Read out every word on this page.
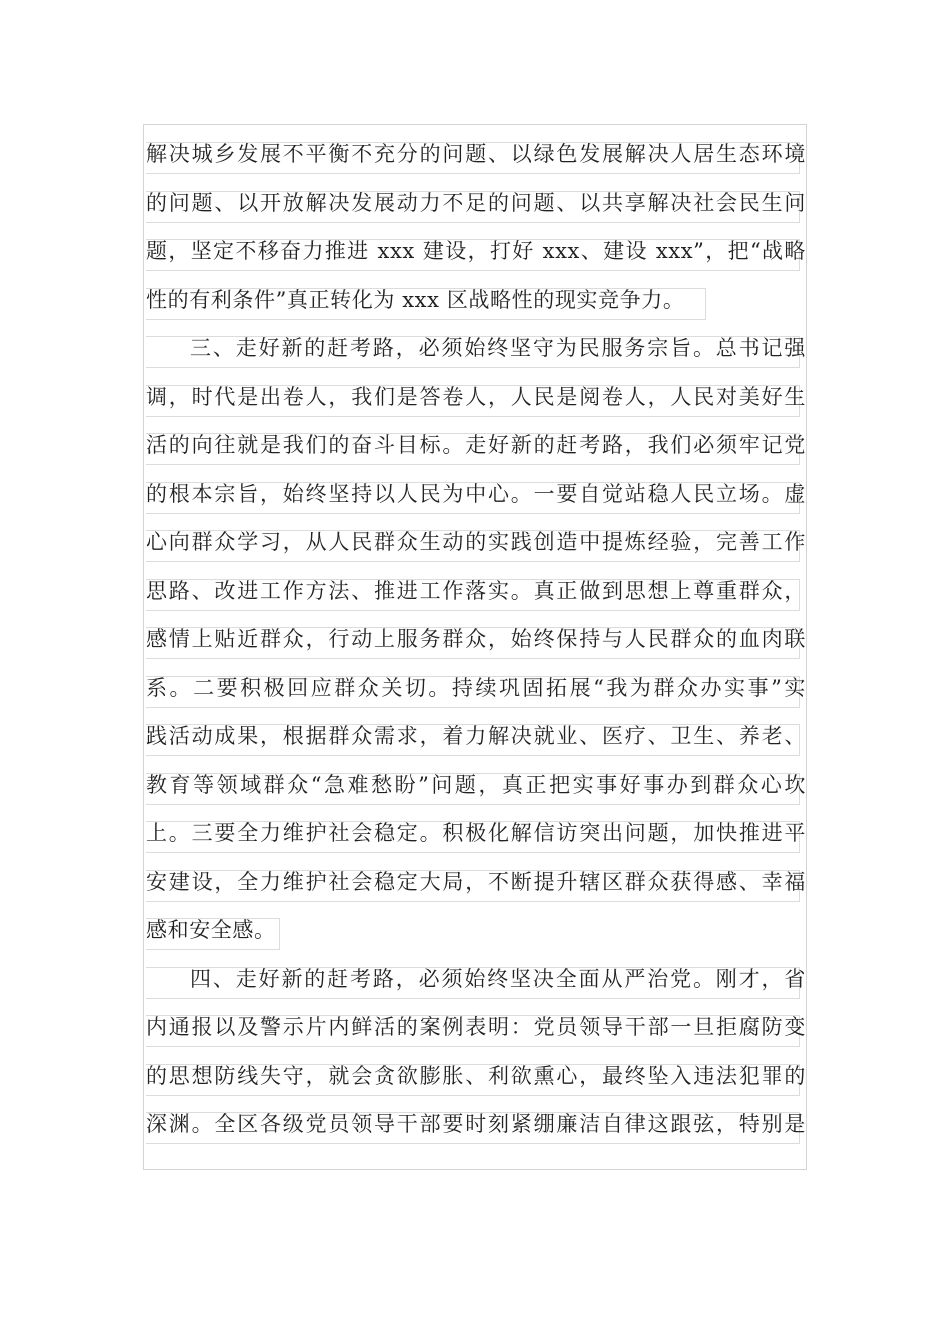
解决城乡发展不平衡不充分的问题、以绿色发展解决人居生态环境
的问题、以开放解决发展动力不足的问题、以共享解决社会民生问
题，坚定不移奋力推进 xxx 建设，打好 xxx、建设 xxx”，把“战略
性的有利条件”真正转化为 xxx 区战略性的现实竞争力。
三、走好新的赶考路，必须始终坚守为民服务宗旨。总书记强
调，时代是出卷人，我们是答卷人，人民是阅卷人，人民对美好生
活的向往就是我们的奋斗目标。走好新的赶考路，我们必须牢记党
的根本宗旨，始终坚持以人民为中心。一要自觉站稳人民立场。虚
心向群众学习，从人民群众生动的实践创造中提炼经验，完善工作
思路、改进工作方法、推进工作落实。真正做到思想上尊重群众，
感情上贴近群众，行动上服务群众，始终保持与人民群众的血肉联
系。二要积极回应群众关切。持续巩固拓展“我为群众办实事”实
践活动成果，根据群众需求，着力解决就业、医疗、卫生、养老、
教育等领域群众“急难愁盼”问题，真正把实事好事办到群众心坎
上。三要全力维护社会稳定。积极化解信访突出问题，加快推进平
安建设，全力维护社会稳定大局，不断提升辖区群众获得感、幸福
感和安全感。
四、走好新的赶考路，必须始终坚决全面从严治党。刚才，省
内通报以及警示片内鲜活的案例表明：党员领导干部一旦拒腐防变
的思想防线失守，就会贪欲膨胀、利欲熏心，最终坠入违法犯罪的
深渊。全区各级党员领导干部要时刻紧绷廉洁自律这跟弦，特别是
